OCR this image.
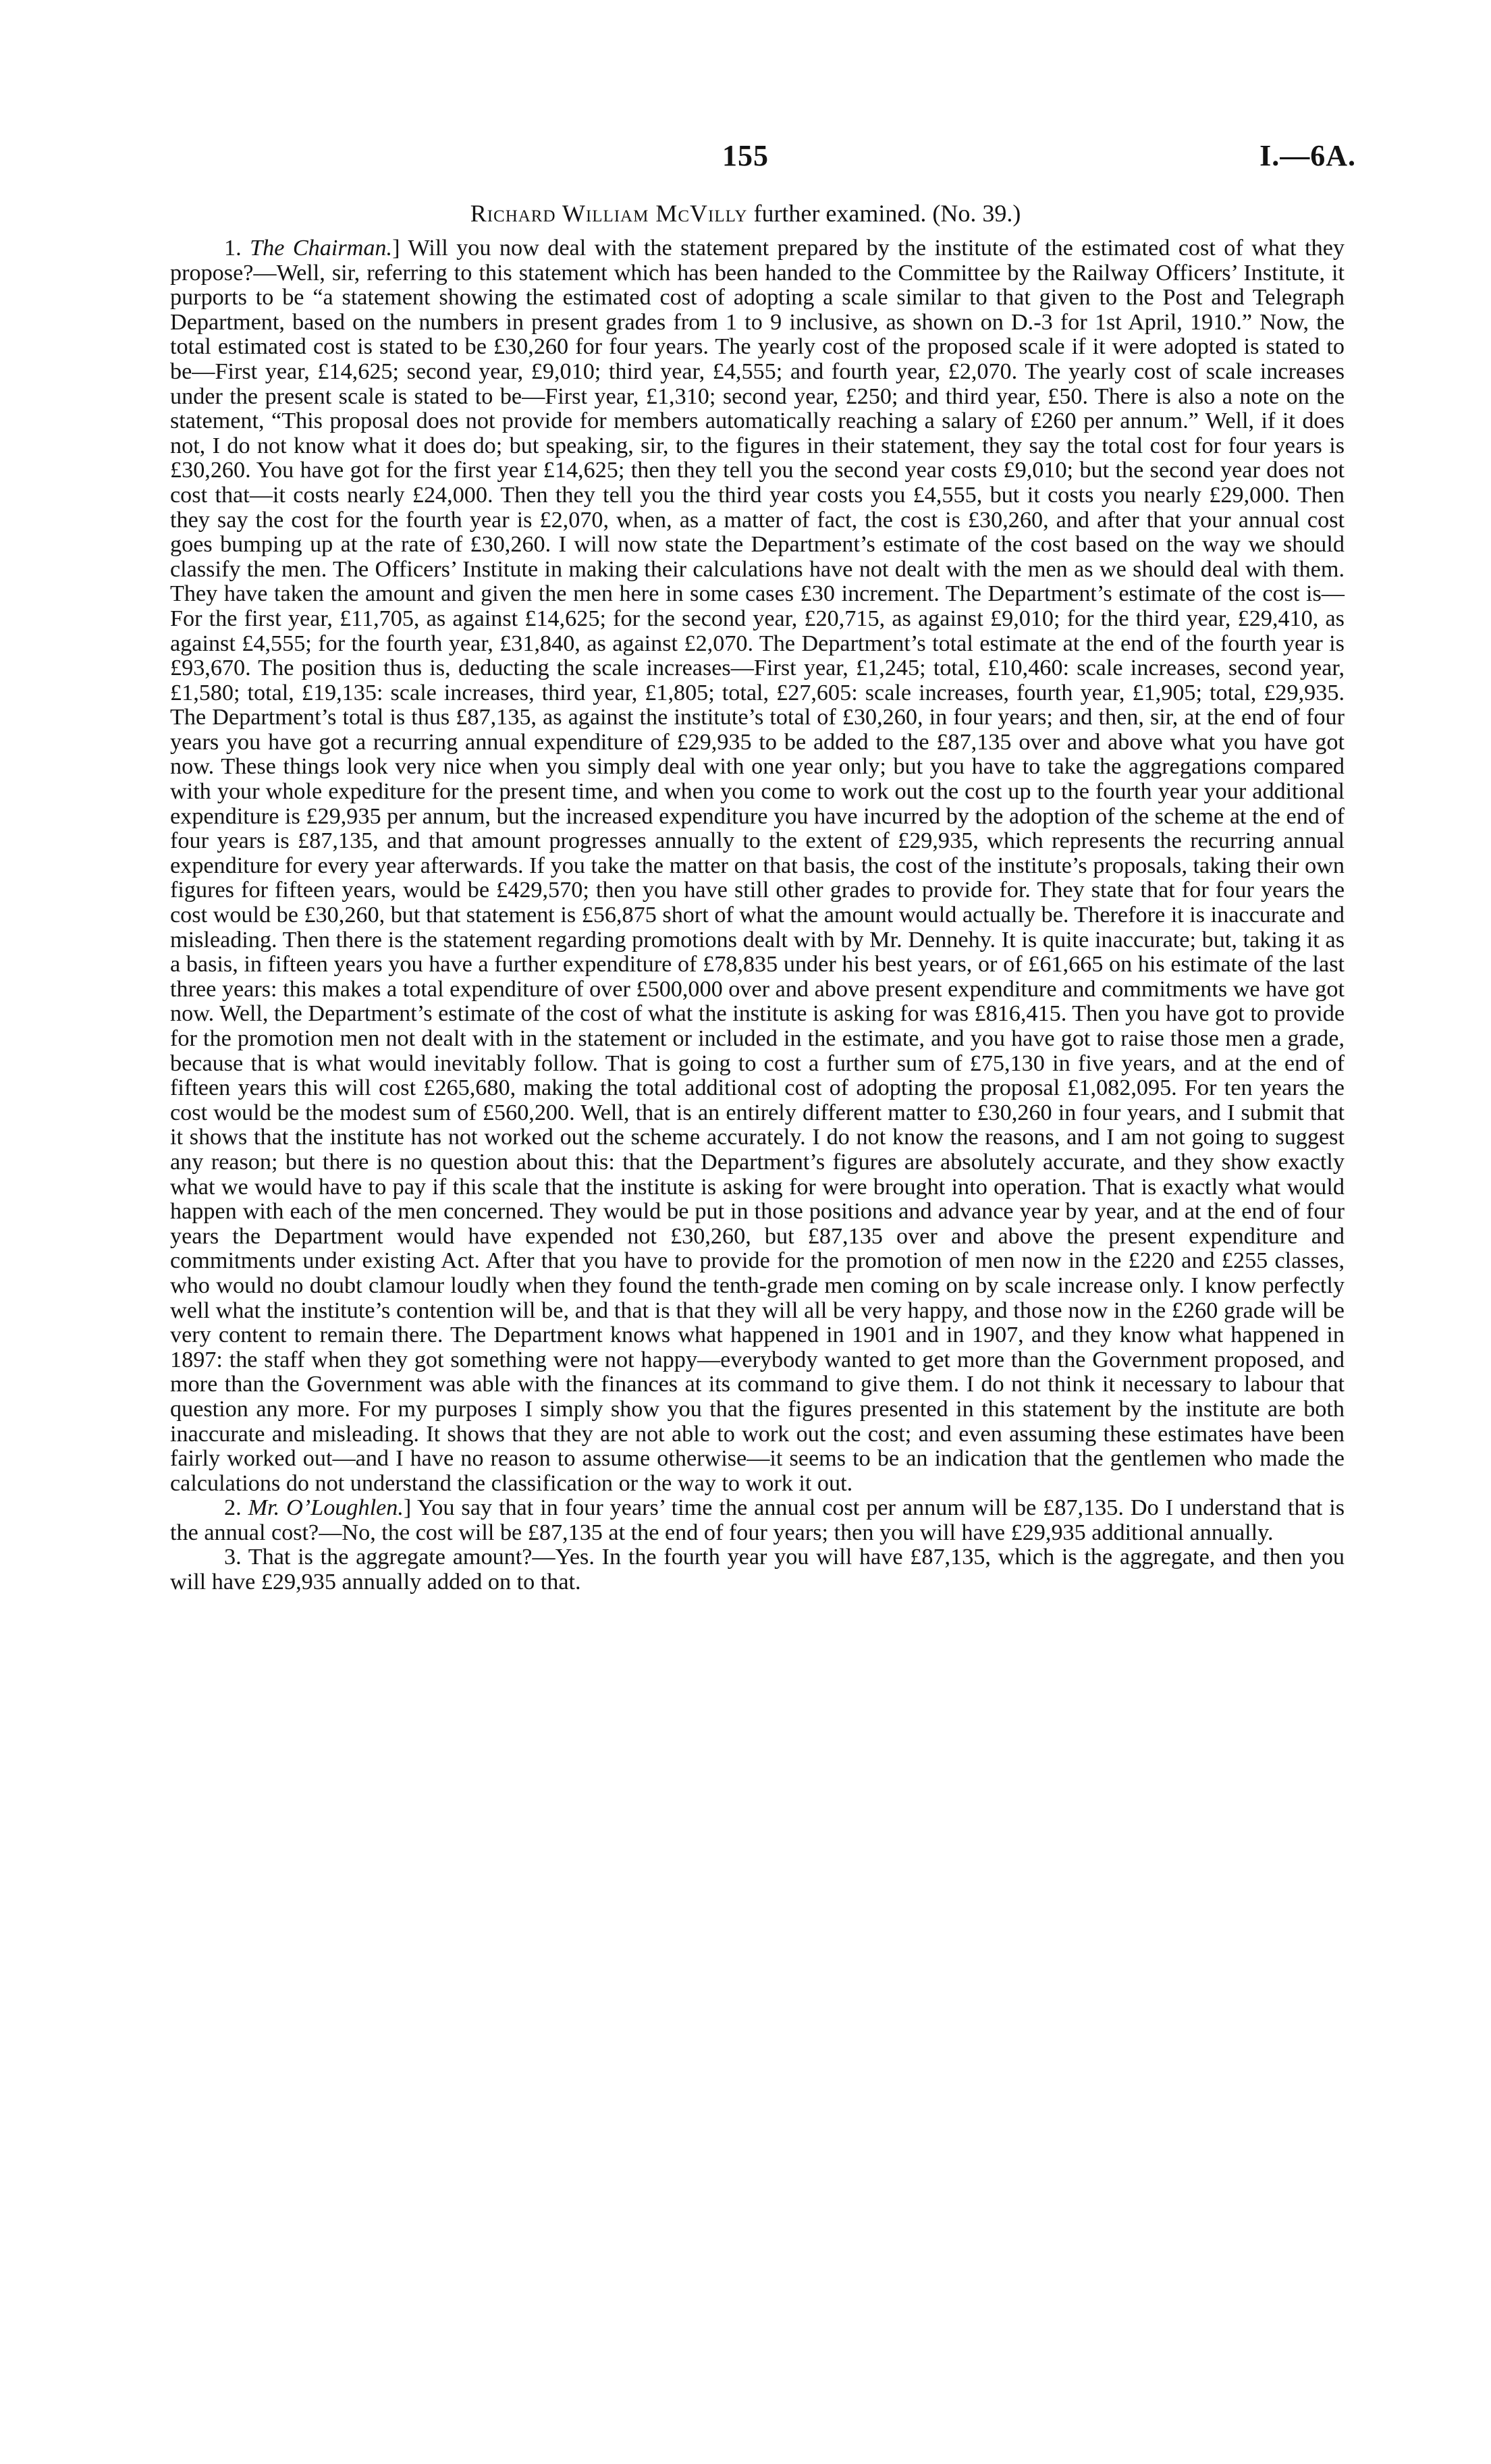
155	I.—6A.
Richard William McVilly further examined. (No. 39.)

1. The Chairman.] Will you now deal with the statement prepared by the institute of the estimated cost of what they propose?—Well, sir, referring to this statement which has been handed to the Committee by the Railway Officers’ Institute, it purports to be “a statement showing the estimated cost of adopting a scale similar to that given to the Post and Telegraph Department, based on the numbers in present grades from 1 to 9 inclusive, as shown on D.-3 for 1st April, 1910.” Now, the total estimated cost is stated to be £30,260 for four years. The yearly cost of the proposed scale if it were adopted is stated to be—First year, £14,625; second year, £9,010; third year, £4,555; and fourth year, £2,070. The yearly cost of scale increases under the present scale is stated to be—First year, £1,310; second year, £250; and third year, £50. There is also a note on the statement, “This proposal does not provide for members automatically reaching a salary of £260 per annum.” Well, if it does not, I do not know what it does do; but speaking, sir, to the figures in their statement, they say the total cost for four years is £30,260. You have got for the first year £14,625; then they tell you the second year costs £9,010; but the second year does not cost that—it costs nearly £24,000. Then they tell you the third year costs you £4,555, but it costs you nearly £29,000. Then they say the cost for the fourth year is £2,070, when, as a matter of fact, the cost is £30,260, and after that your annual cost goes bumping up at the rate of £30,260. I will now state the Department’s estimate of the cost based on the way we should classify the men. The Officers’ Institute in making their calculations have not dealt with the men as we should deal with them. They have taken the amount and given the men here in some cases £30 increment. The Department’s estimate of the cost is—For the first year, £11,705, as against £14,625; for the second year, £20,715, as against £9,010; for the third year, £29,410, as against £4,555; for the fourth year, £31,840, as against £2,070. The Department’s total estimate at the end of the fourth year is £93,670. The position thus is, deducting the scale increases—First year, £1,245; total, £10,460: scale increases, second year, £1,580; total, £19,135: scale increases, third year, £1,805; total, £27,605: scale increases, fourth year, £1,905; total, £29,935. The Department’s total is thus £87,135, as against the institute’s total of £30,260, in four years; and then, sir, at the end of four years you have got a recurring annual expenditure of £29,935 to be added to the £87,135 over and above what you have got now. These things look very nice when you simply deal with one year only; but you have to take the aggregations compared with your whole expediture for the present time, and when you come to work out the cost up to the fourth year your additional expenditure is £29,935 per annum, but the increased expenditure you have incurred by the adoption of the scheme at the end of four years is £87,135, and that amount progresses annually to the extent of £29,935, which represents the recurring annual expenditure for every year afterwards. If you take the matter on that basis, the cost of the institute’s proposals, taking their own figures for fifteen years, would be £429,570; then you have still other grades to provide for. They state that for four years the cost would be £30,260, but that statement is £56,875 short of what the amount would actually be. Therefore it is inaccurate and misleading. Then there is the statement regarding promotions dealt with by Mr. Dennehy. It is quite inaccurate; but, taking it as a basis, in fifteen years you have a further expenditure of £78,835 under his best years, or of £61,665 on his estimate of the last three years: this makes a total expenditure of over £500,000 over and above present expenditure and commitments we have got now. Well, the Department’s estimate of the cost of what the institute is asking for was £816,415. Then you have got to provide for the promotion men not dealt with in the statement or included in the estimate, and you have got to raise those men a grade, because that is what would inevitably follow. That is going to cost a further sum of £75,130 in five years, and at the end of fifteen years this will cost £265,680, making the total additional cost of adopting the proposal £1,082,095. For ten years the cost would be the modest sum of £560,200. Well, that is an entirely different matter to £30,260 in four years, and I submit that it shows that the institute has not worked out the scheme accurately. I do not know the reasons, and I am not going to suggest any reason; but there is no question about this: that the Department’s figures are absolutely accurate, and they show exactly what we would have to pay if this scale that the institute is asking for were brought into operation. That is exactly what would happen with each of the men concerned. They would be put in those positions and advance year by year, and at the end of four years the Department would have expended not £30,260, but £87,135 over and above the present expenditure and commitments under existing Act. After that you have to provide for the promotion of men now in the £220 and £255 classes, who would no doubt clamour loudly when they found the tenth-grade men coming on by scale increase only. I know perfectly well what the institute’s contention will be, and that is that they will all be very happy, and those now in the £260 grade will be very content to remain there. The Department knows what happened in 1901 and in 1907, and they know what happened in 1897: the staff when they got something were not happy—everybody wanted to get more than the Government proposed, and more than the Government was able with the finances at its command to give them. I do not think it necessary to labour that question any more. For my purposes I simply show you that the figures presented in this statement by the institute are both inaccurate and misleading. It shows that they are not able to work out the cost; and even assuming these estimates have been fairly worked out—and I have no reason to assume otherwise—it seems to be an indication that the gentlemen who made the calculations do not understand the classification or the way to work it out.

2. Mr. O’Loughlen.] You say that in four years’ time the annual cost per annum will be £87,135. Do I understand that is the annual cost?—No, the cost will be £87,135 at the end of four years; then you will have £29,935 additional annually.

3. That is the aggregate amount?—Yes. In the fourth year you will have £87,135, which is the aggregate, and then you will have £29,935 annually added on to that.
